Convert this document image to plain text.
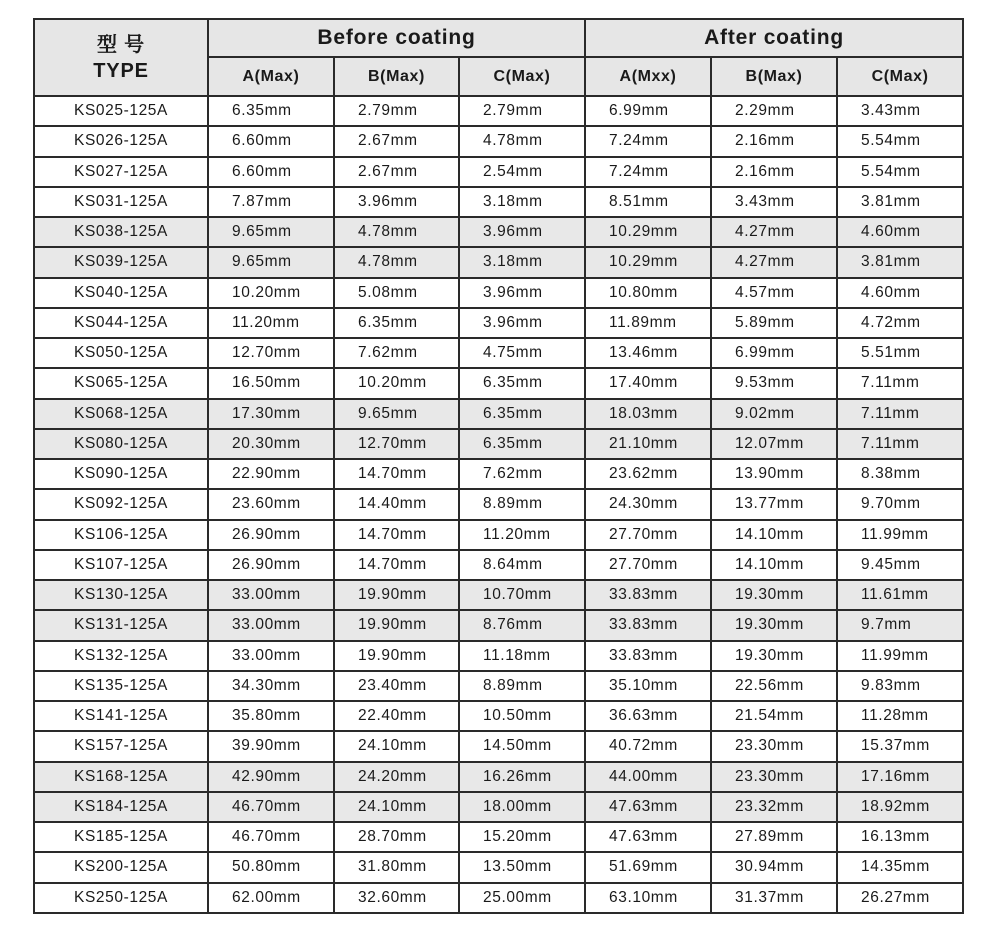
型 号
TYPE	Before coating			After coating		
	A(Max)	B(Max)	C(Max)	A(Mxx)	B(Max)	C(Max)
KS025-125A	6.35mm	2.79mm	2.79mm	6.99mm	2.29mm	3.43mm
KS026-125A	6.60mm	2.67mm	4.78mm	7.24mm	2.16mm	5.54mm
KS027-125A	6.60mm	2.67mm	2.54mm	7.24mm	2.16mm	5.54mm
KS031-125A	7.87mm	3.96mm	3.18mm	8.51mm	3.43mm	3.81mm
KS038-125A	9.65mm	4.78mm	3.96mm	10.29mm	4.27mm	4.60mm
KS039-125A	9.65mm	4.78mm	3.18mm	10.29mm	4.27mm	3.81mm
KS040-125A	10.20mm	5.08mm	3.96mm	10.80mm	4.57mm	4.60mm
KS044-125A	11.20mm	6.35mm	3.96mm	11.89mm	5.89mm	4.72mm
KS050-125A	12.70mm	7.62mm	4.75mm	13.46mm	6.99mm	5.51mm
KS065-125A	16.50mm	10.20mm	6.35mm	17.40mm	9.53mm	7.11mm
KS068-125A	17.30mm	9.65mm	6.35mm	18.03mm	9.02mm	7.11mm
KS080-125A	20.30mm	12.70mm	6.35mm	21.10mm	12.07mm	7.11mm
KS090-125A	22.90mm	14.70mm	7.62mm	23.62mm	13.90mm	8.38mm
KS092-125A	23.60mm	14.40mm	8.89mm	24.30mm	13.77mm	9.70mm
KS106-125A	26.90mm	14.70mm	11.20mm	27.70mm	14.10mm	11.99mm
KS107-125A	26.90mm	14.70mm	8.64mm	27.70mm	14.10mm	9.45mm
KS130-125A	33.00mm	19.90mm	10.70mm	33.83mm	19.30mm	11.61mm
KS131-125A	33.00mm	19.90mm	8.76mm	33.83mm	19.30mm	9.7mm
KS132-125A	33.00mm	19.90mm	11.18mm	33.83mm	19.30mm	11.99mm
KS135-125A	34.30mm	23.40mm	8.89mm	35.10mm	22.56mm	9.83mm
KS141-125A	35.80mm	22.40mm	10.50mm	36.63mm	21.54mm	11.28mm
KS157-125A	39.90mm	24.10mm	14.50mm	40.72mm	23.30mm	15.37mm
KS168-125A	42.90mm	24.20mm	16.26mm	44.00mm	23.30mm	17.16mm
KS184-125A	46.70mm	24.10mm	18.00mm	47.63mm	23.32mm	18.92mm
KS185-125A	46.70mm	28.70mm	15.20mm	47.63mm	27.89mm	16.13mm
KS200-125A	50.80mm	31.80mm	13.50mm	51.69mm	30.94mm	14.35mm
KS250-125A	62.00mm	32.60mm	25.00mm	63.10mm	31.37mm	26.27mm
